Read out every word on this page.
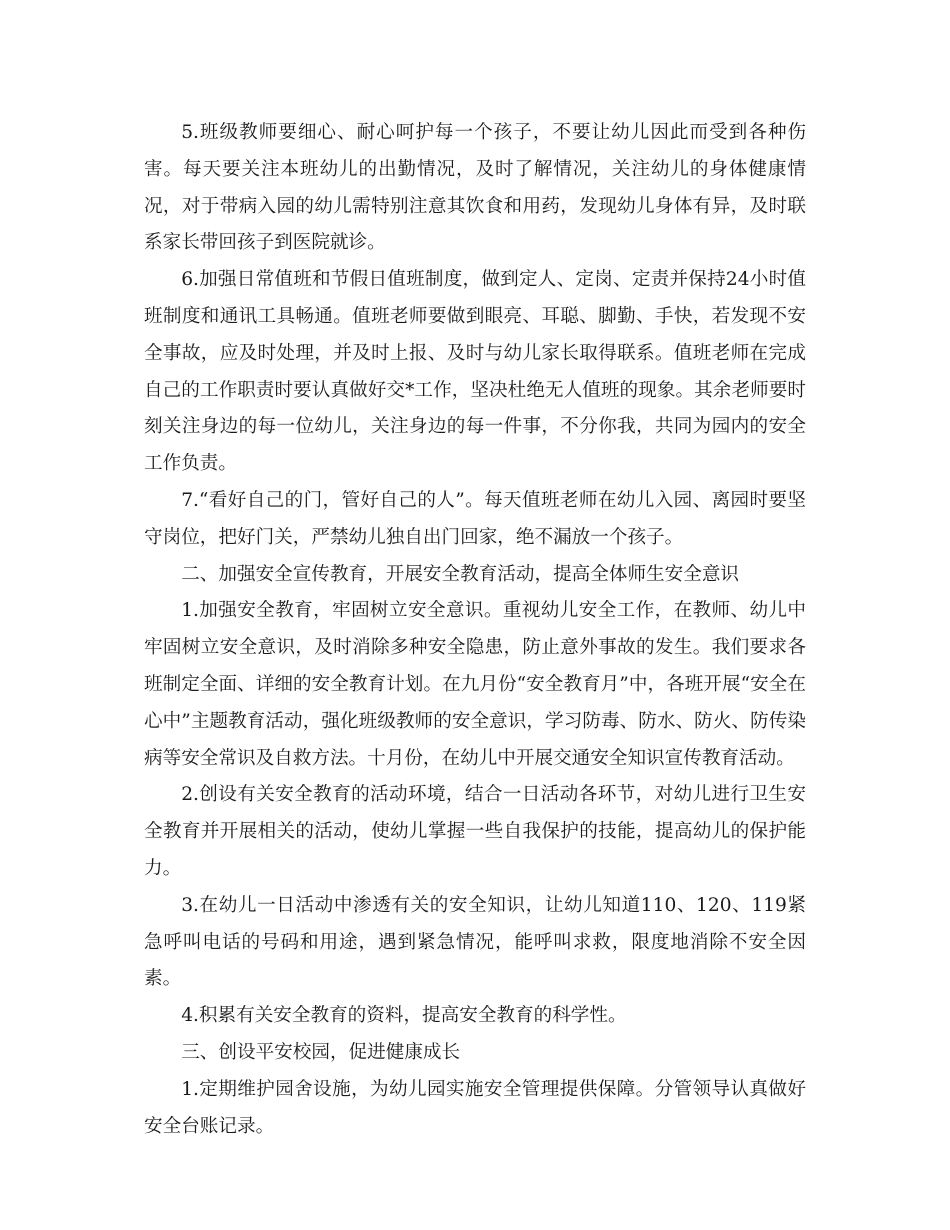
5.班级教师要细心、耐心呵护每一个孩子，不要让幼儿因此而受到各种伤害。每天要关注本班幼儿的出勤情况，及时了解情况，关注幼儿的身体健康情况，对于带病入园的幼儿需特别注意其饮食和用药，发现幼儿身体有异，及时联系家长带回孩子到医院就诊。

6.加强日常值班和节假日值班制度，做到定人、定岗、定责并保持24小时值班制度和通讯工具畅通。值班老师要做到眼亮、耳聪、脚勤、手快，若发现不安全事故，应及时处理，并及时上报、及时与幼儿家长取得联系。值班老师在完成自己的工作职责时要认真做好交*工作，坚决杜绝无人值班的现象。其余老师要时刻关注身边的每一位幼儿，关注身边的每一件事，不分你我，共同为园内的安全工作负责。

7.“看好自己的门，管好自己的人”。每天值班老师在幼儿入园、离园时要坚守岗位，把好门关，严禁幼儿独自出门回家，绝不漏放一个孩子。

二、加强安全宣传教育，开展安全教育活动，提高全体师生安全意识

1.加强安全教育，牢固树立安全意识。重视幼儿安全工作，在教师、幼儿中牢固树立安全意识，及时消除多种安全隐患，防止意外事故的发生。我们要求各班制定全面、详细的安全教育计划。在九月份“安全教育月”中，各班开展“安全在心中”主题教育活动，强化班级教师的安全意识，学习防毒、防水、防火、防传染病等安全常识及自救方法。十月份，在幼儿中开展交通安全知识宣传教育活动。

2.创设有关安全教育的活动环境，结合一日活动各环节，对幼儿进行卫生安全教育并开展相关的活动，使幼儿掌握一些自我保护的技能，提高幼儿的保护能力。

3.在幼儿一日活动中渗透有关的安全知识，让幼儿知道110、120、119紧急呼叫电话的号码和用途，遇到紧急情况，能呼叫求救，限度地消除不安全因素。

4.积累有关安全教育的资料，提高安全教育的科学性。

三、创设平安校园，促进健康成长

1.定期维护园舍设施，为幼儿园实施安全管理提供保障。分管领导认真做好安全台账记录。
